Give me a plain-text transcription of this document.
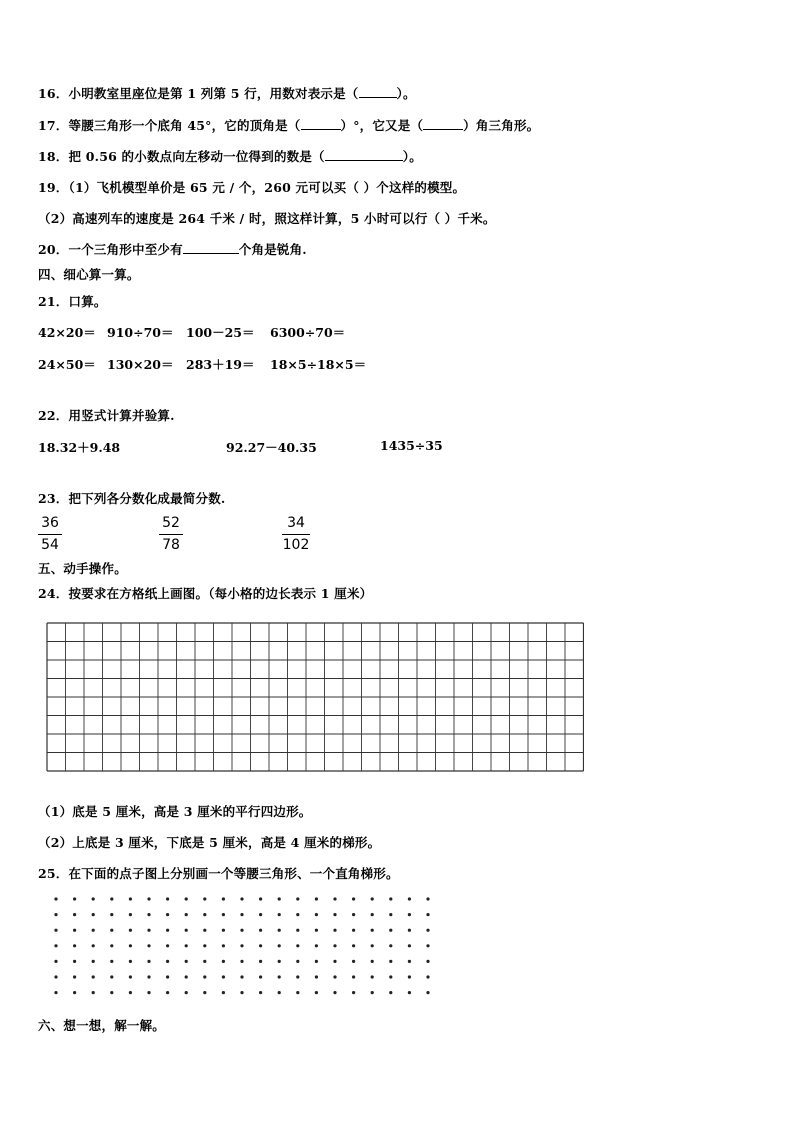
16．小明教室里座位是第 1 列第 5 行，用数对表示是（	）。
17．等腰三角形一个底角 45°，它的顶角是（	）°，它又是（	）角三角形。
18．把 0.56 的小数点向左移动一位得到的数是（	）。
19．（1）飞机模型单价是 65 元 / 个，260 元可以买（ ）个这样的模型。
（2）高速列车的速度是 264 千米 / 时，照这样计算，5 小时可以行（ ）千米。
20．一个三角形中至少有	个角是锐角.
四、细心算一算。
21．口算。
42×20＝ 910÷70＝ 100－25＝ 6300÷70＝
24×50＝ 130×20＝ 283＋19＝ 18×5÷18×5＝
22．用竖式计算并验算.
18.32＋9.48	92.27－40.35	1435÷35
23．把下列各分数化成最简分数.
36
54
52
78
34
102
五、动手操作。
24．按要求在方格纸上画图。（每小格的边长表示 1 厘米）
（1）底是 5 厘米，高是 3 厘米的平行四边形。
（2）上底是 3 厘米，下底是 5 厘米，高是 4 厘米的梯形。
25．在下面的点子图上分别画一个等腰三角形、一个直角梯形。
六、想一想，解一解。
